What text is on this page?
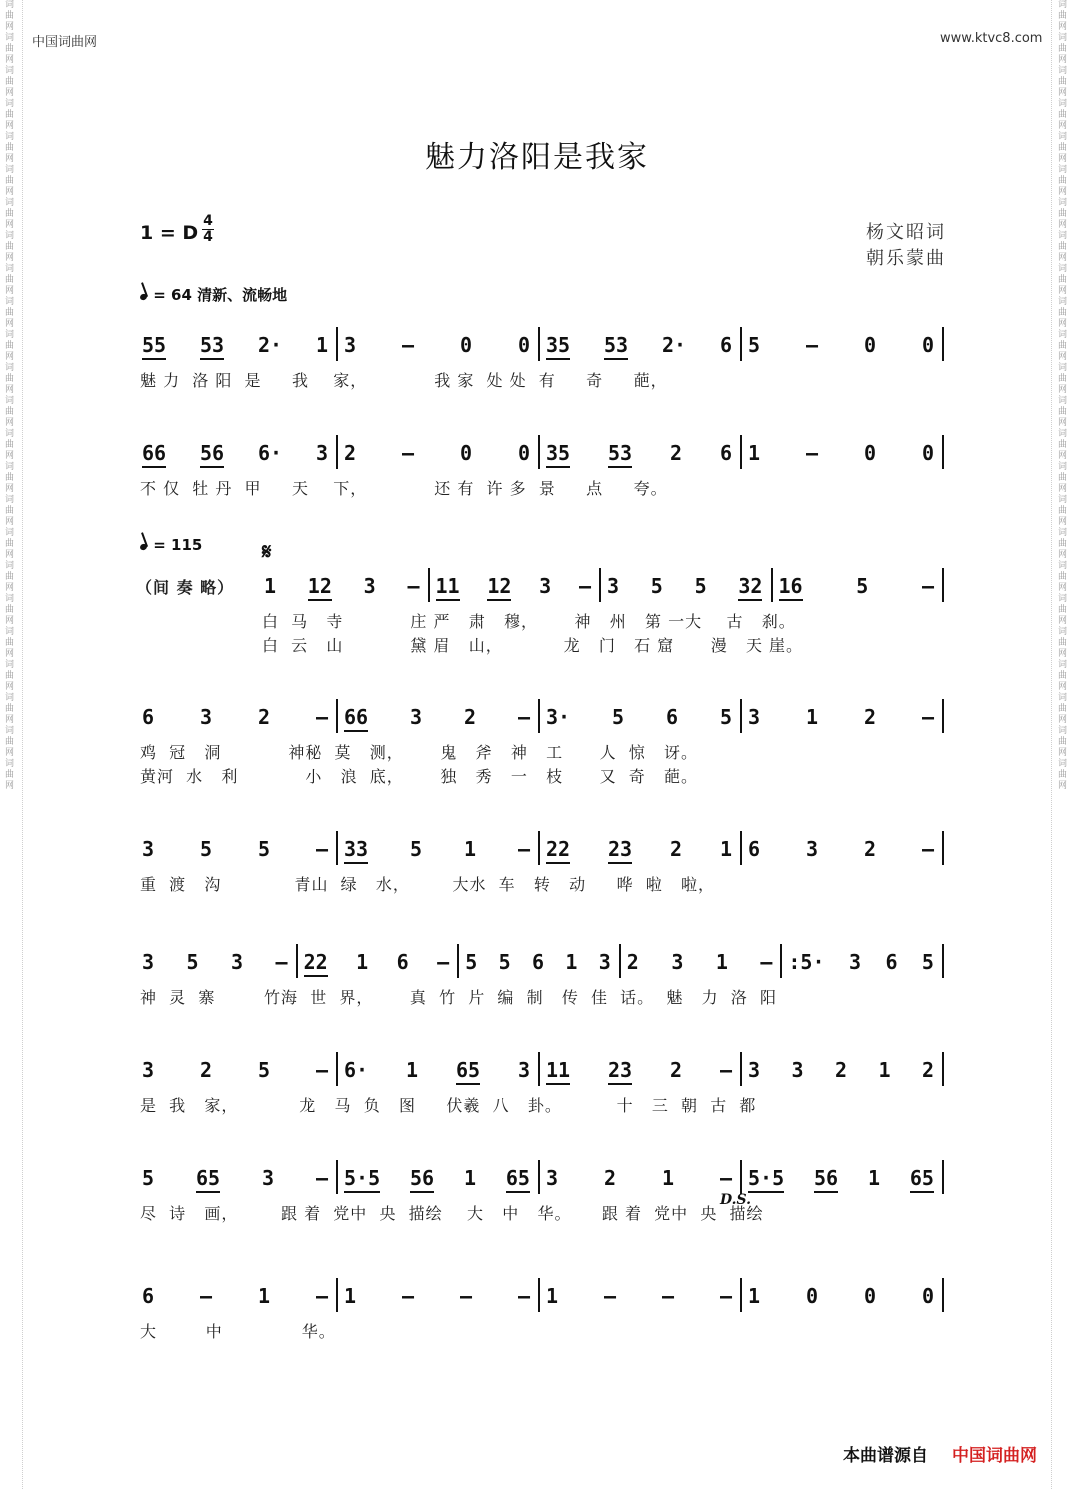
词曲网词曲网词曲网词曲网词曲网词曲网词曲网词曲网词曲网词曲网词曲网词曲网词曲网词曲网词曲网词曲网词曲网词曲网词曲网词曲网词曲网词曲网词曲网词曲网
词曲网词曲网词曲网词曲网词曲网词曲网词曲网词曲网词曲网词曲网词曲网词曲网词曲网词曲网词曲网词曲网词曲网词曲网词曲网词曲网词曲网词曲网词曲网词曲网
中国词曲网	www.ktvc8.com
魅力洛阳是我家
1 = D
4
4	杨文昭词
朝乐蒙曲
= 64 清新、流畅地
55 53 2· 1 3 – 0 0 35 53 2· 6 5 – 0 0
魅 力  洛 阳  是     我    家，           我 家  处 处  有     奇     葩，
66 56 6· 3 2 – 0 0 35 53 2 6 1 – 0 0
不 仅  牡 丹  甲     天    下，           还 有  许 多  景     点     夸。
= 115	𝄋
（间 奏 略） 1 12 3 – 11 12 3 – 3 5 5 32 16	5	–
白  马   寺           庄 严   肃   穆，      神   州   第 一大    古   刹。
白  云   山           黛 眉   山，          龙   门   石 窟      漫   天 崖。
6 3 2 – 66 3 2 – 3· 5 6 5 3 1 2 –
鸡  冠   洞           神秘  莫   测，      鬼   斧   神   工      人  惊   讶。
黄河  水   利           小   浪  底，      独   秀   一   枝      又  奇   葩。
3 5 5 – 33 5 1 – 22 23 2 1 6 3 2 –
重  渡   沟            青山  绿   水，       大水  车   转   动     哗  啦   啦，
3 5 3 – 22 1 6 – 5 5 6 1 3 2 3 1 – :5· 3 6 5
神  灵  寨        竹海  世  界，      真  竹  片  编  制   传  佳  话。  魅   力  洛  阳
3 2 5 – 6· 1 65 3 11 23 2 – 3 3 2 1 2
是  我   家，          龙   马  负   图     伏羲  八   卦。         十   三  朝  古  都
5 65 3 – 5·5 56 1 65 3 2 1 – 5·5 56 1 65
尽  诗   画，       跟 着  党中  央  描绘    大   中   华。     跟 着  党中  央  描绘
6 – 1 – 1 – – – 1 – – – 1 0 0 0
大        中             华。
D.S.
本曲谱源自 中国词曲网
